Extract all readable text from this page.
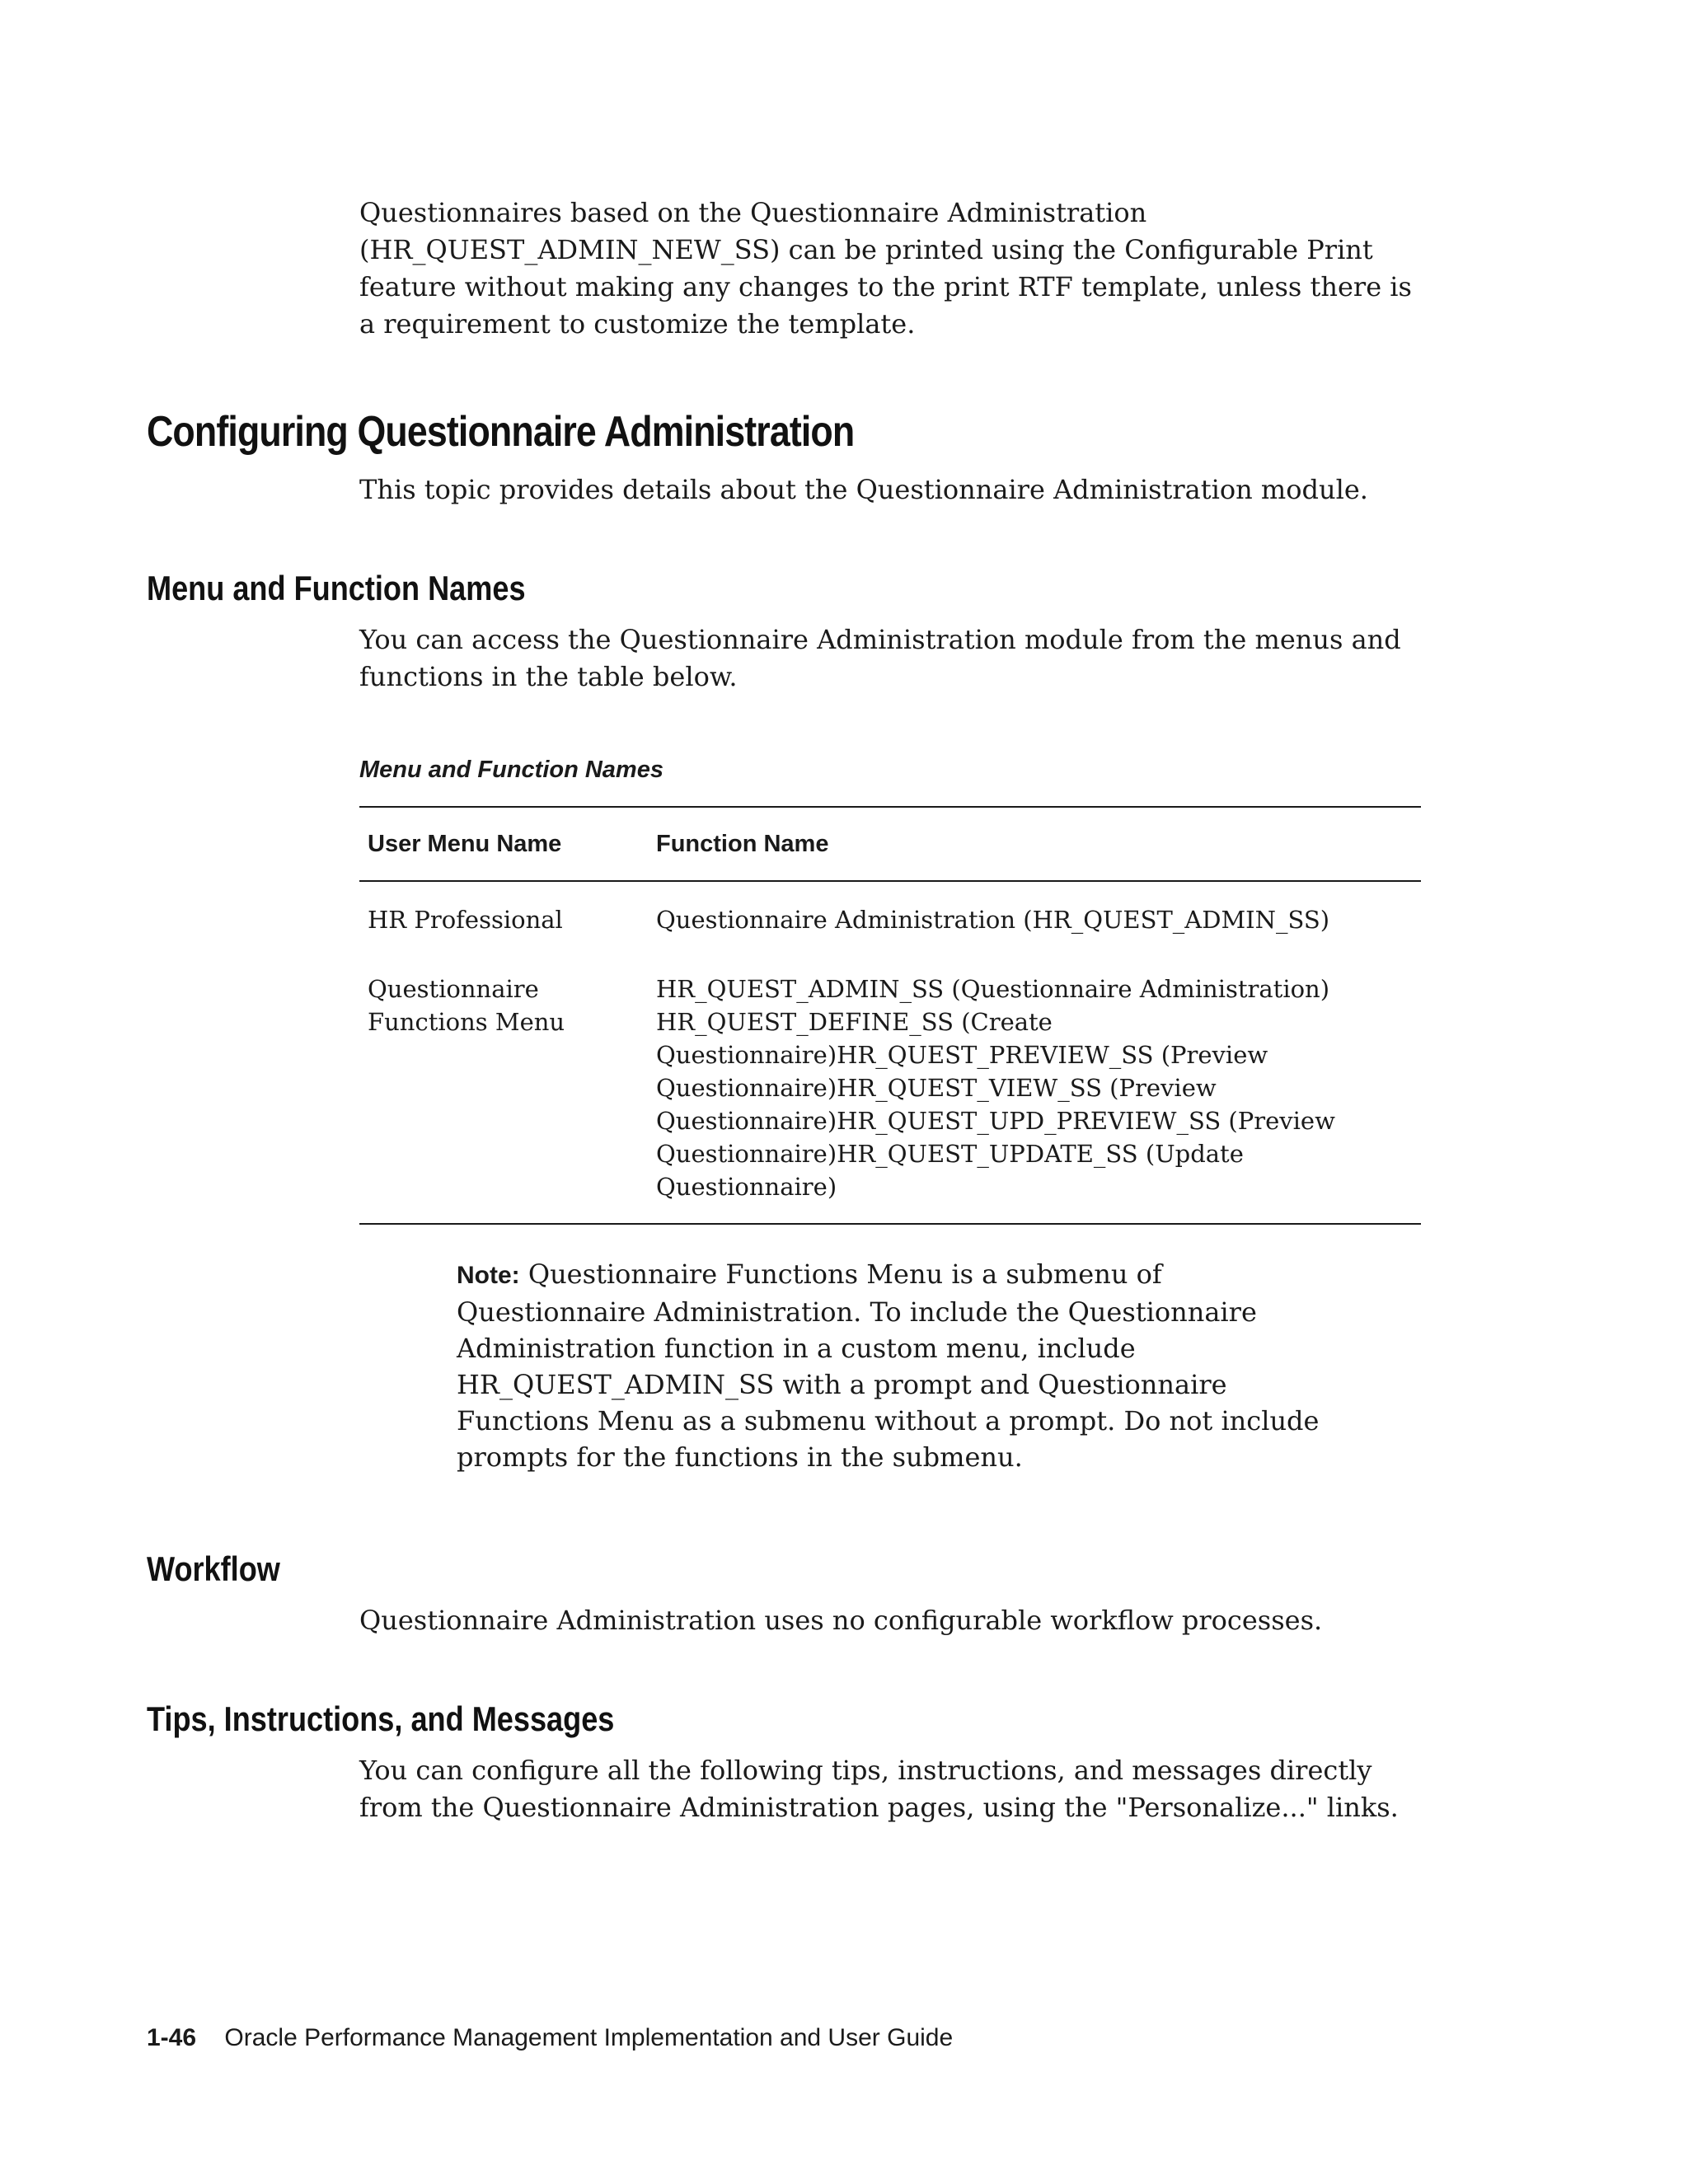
Questionnaires based on the Questionnaire Administration (HR_QUEST_ADMIN_NEW_SS) can be printed using the Configurable Print feature without making any changes to the print RTF template, unless there is a requirement to customize the template.
Configuring Questionnaire Administration
This topic provides details about the Questionnaire Administration module.
Menu and Function Names
You can access the Questionnaire Administration module from the menus and functions in the table below.
Menu and Function Names
User Menu Name	Function Name
HR Professional	Questionnaire Administration (HR_QUEST_ADMIN_SS)
Questionnaire Functions Menu
HR_QUEST_ADMIN_SS (Questionnaire Administration) HR_QUEST_DEFINE_SS (Create Questionnaire)HR_QUEST_PREVIEW_SS (Preview Questionnaire)HR_QUEST_VIEW_SS (Preview Questionnaire)HR_QUEST_UPD_PREVIEW_SS (Preview Questionnaire)HR_QUEST_UPDATE_SS (Update Questionnaire)
Note: Questionnaire Functions Menu is a submenu of Questionnaire Administration. To include the Questionnaire Administration function in a custom menu, include HR_QUEST_ADMIN_SS with a prompt and Questionnaire Functions Menu as a submenu without a prompt. Do not include prompts for the functions in the submenu.
Workflow
Questionnaire Administration uses no configurable workflow processes.
Tips, Instructions, and Messages
You can configure all the following tips, instructions, and messages directly from the Questionnaire Administration pages, using the "Personalize..." links.
1-46 Oracle Performance Management Implementation and User Guide
